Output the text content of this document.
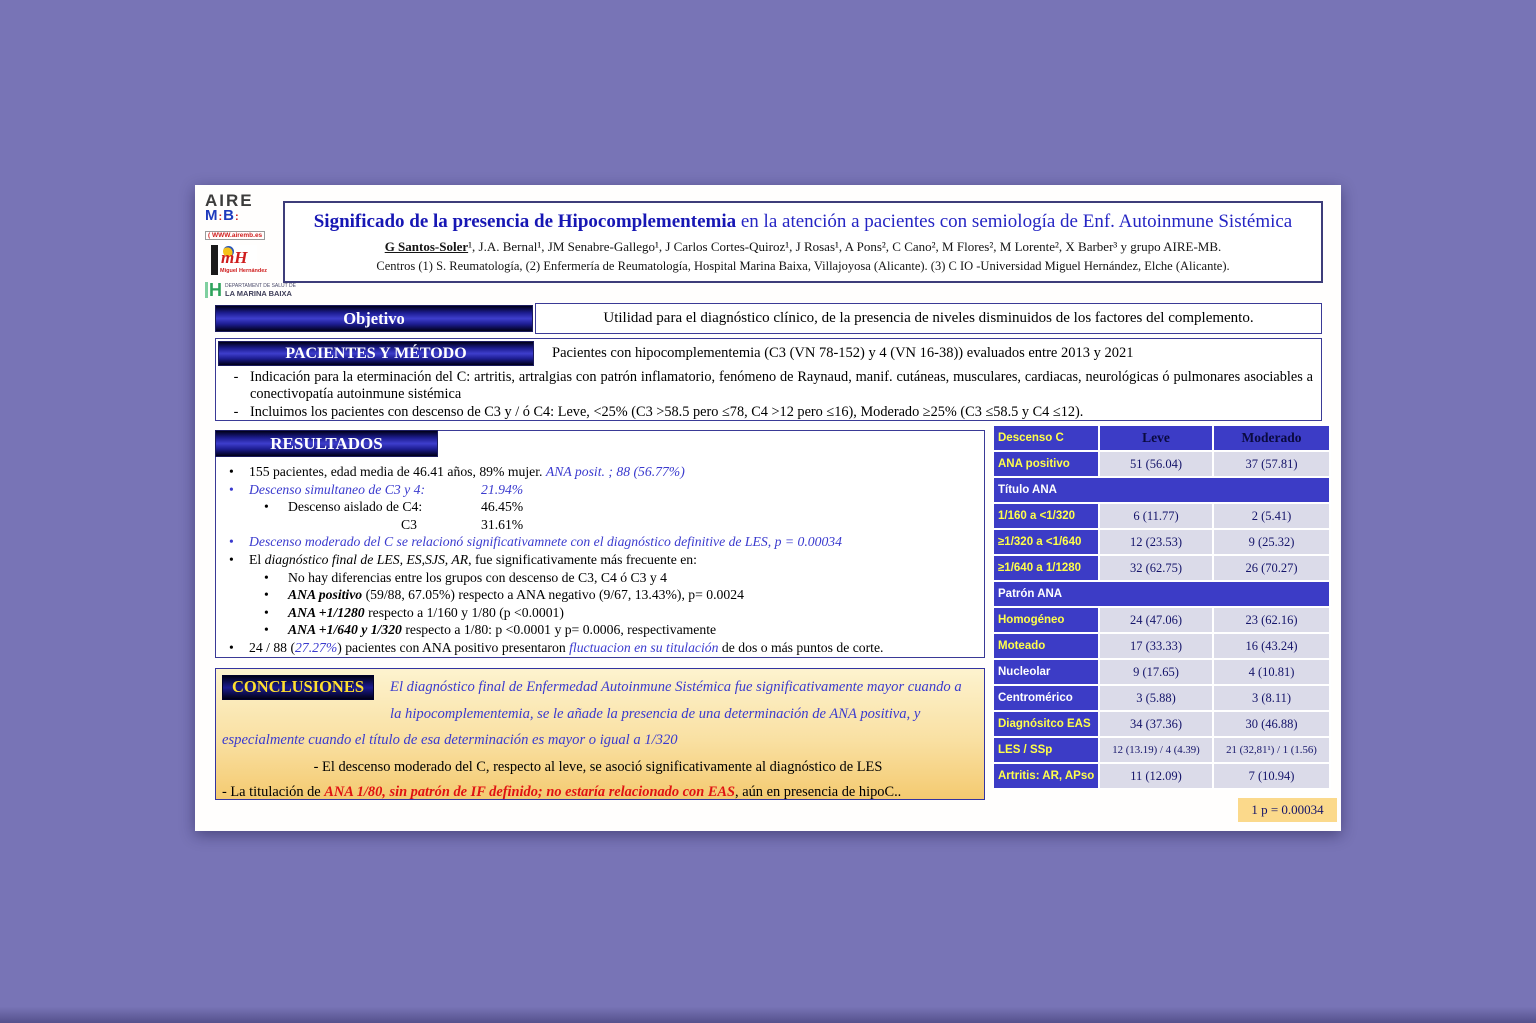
AIRE
M:B:
( WWW.airemb.es
mH
Miguel Hernández
H DEPARTAMENT DE SALUT DE
LA MARINA BAIXA
Significado de la presencia de Hipocomplementemia en la atención a pacientes con semiología de Enf. Autoinmune Sistémica
G Santos-Soler¹, J.A. Bernal¹, JM Senabre-Gallego¹, J Carlos Cortes-Quiroz¹, J Rosas¹, A Pons², C Cano², M Flores², M Lorente², X Barber³ y grupo AIRE-MB.
Centros (1) S. Reumatología, (2) Enfermería de Reumatología, Hospital Marina Baixa, Villajoyosa (Alicante). (3) C IO -Universidad Miguel Hernández, Elche (Alicante).
Objetivo	Utilidad para el diagnóstico clínico, de la presencia de niveles disminuidos de los factores del complemento.
PACIENTES Y MÉTODO	Pacientes con hipocomplementemia (C3 (VN 78-152) y 4 (VN 16-38)) evaluados entre 2013 y 2021
- Indicación para la eterminación del C: artritis, artralgias con patrón inflamatorio, fenómeno de Raynaud, manif. cutáneas, musculares, cardiacas, neurológicas ó pulmonares asociables a conectivopatía autoinmune sistémica
- Incluimos los pacientes con descenso de C3 y / ó C4: Leve, <25% (C3 >58.5 pero ≤78, C4 >12 pero ≤16), Moderado ≥25% (C3 ≤58.5 y C4 ≤12).
RESULTADOS
• 155 pacientes, edad media de 46.41 años, 89% mujer. ANA posit. ; 88 (56.77%)
• Descenso simultaneo de C3 y 4:	21.94%
• Descenso aislado de C4:	46.45%
C3	31.61%
• Descenso moderado del C se relacionó significativamnete con el diagnóstico definitive de LES, p = 0.00034
• El diagnóstico final de LES, ES,SJS, AR, fue significativamente más frecuente en:
• No hay diferencias entre los grupos con descenso de C3, C4 ó C3 y 4
• ANA positivo (59/88, 67.05%) respecto a ANA negativo (9/67, 13.43%), p= 0.0024
• ANA +1/1280 respecto a 1/160 y 1/80 (p <0.0001)
• ANA +1/640 y 1/320 respecto a 1/80: p <0.0001 y p= 0.0006, respectivamente
• 24 / 88 (27.27%) pacientes con ANA positivo presentaron fluctuacion en su titulación de dos o más puntos de corte.
CONCLUSIONES	El diagnóstico final de Enfermedad Autoinmune Sistémica fue significativamente mayor cuando a la hipocomplementemia, se le añade la presencia de una determinación de ANA positiva, y especialmente cuando el título de esa determinación es mayor o igual a 1/320
- El descenso moderado del C, respecto al leve, se asoció significativamente al diagnóstico de LES
- La titulación de ANA 1/80, sin patrón de IF definido; no estaría relacionado con EAS, aún en presencia de hipoC..
Descenso C	Leve	Moderado
ANA positivo	51 (56.04)	37 (57.81)
Título ANA		
1/160 a <1/320	6 (11.77)	2 (5.41)
≥1/320 a <1/640	12 (23.53)	9 (25.32)
≥1/640 a 1/1280	32 (62.75)	26 (70.27)
Patrón ANA		
Homogéneo	24 (47.06)	23 (62.16)
Moteado	17 (33.33)	16 (43.24)
Nucleolar	9 (17.65)	4 (10.81)
Centromérico	3 (5.88)	3 (8.11)
Diagnósitco EAS	34 (37.36)	30 (46.88)
LES / SSp	12 (13.19) / 4 (4.39)	21 (32,81¹) / 1 (1.56)
Artritis: AR, APso	11 (12.09)	7 (10.94)
1 p = 0.00034
